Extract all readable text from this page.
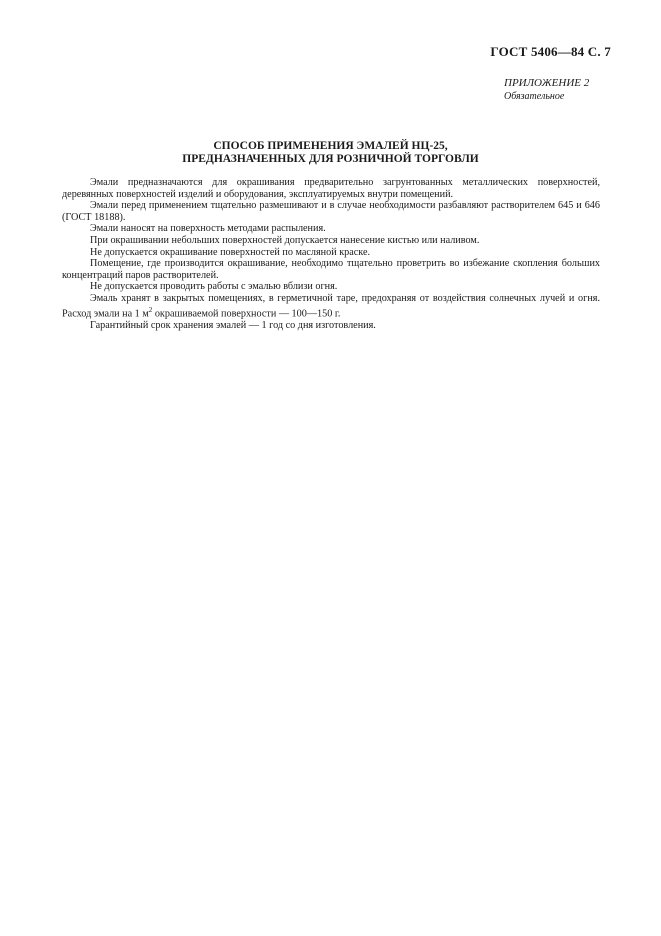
ГОСТ 5406—84 С. 7
ПРИЛОЖЕНИЕ 2
Обязательное
СПОСОБ ПРИМЕНЕНИЯ ЭМАЛЕЙ НЦ-25,
ПРЕДНАЗНАЧЕННЫХ ДЛЯ РОЗНИЧНОЙ ТОРГОВЛИ

Эмали предназначаются для окрашивания предварительно загрунтованных металлических поверхностей, деревянных поверхностей изделий и оборудования, эксплуатируемых внутри помещений.

Эмали перед применением тщательно размешивают и в случае необходимости разбавляют растворителем 645 и 646 (ГОСТ 18188).

Эмали наносят на поверхность методами распыления.

При окрашивании небольших поверхностей допускается нанесение кистью или наливом.

Не допускается окрашивание поверхностей по масляной краске.

Помещение, где производится окрашивание, необходимо тщательно проветрить во избежание скопления больших концентраций паров растворителей.

Не допускается проводить работы с эмалью вблизи огня.

Эмаль хранят в закрытых помещениях, в герметичной таре, предохраняя от воздействия солнечных лучей и огня. Расход эмали на 1 $м^2$ окрашиваемой поверхности — 100—150 г.

Гарантийный срок хранения эмалей — 1 год со дня изготовления.
